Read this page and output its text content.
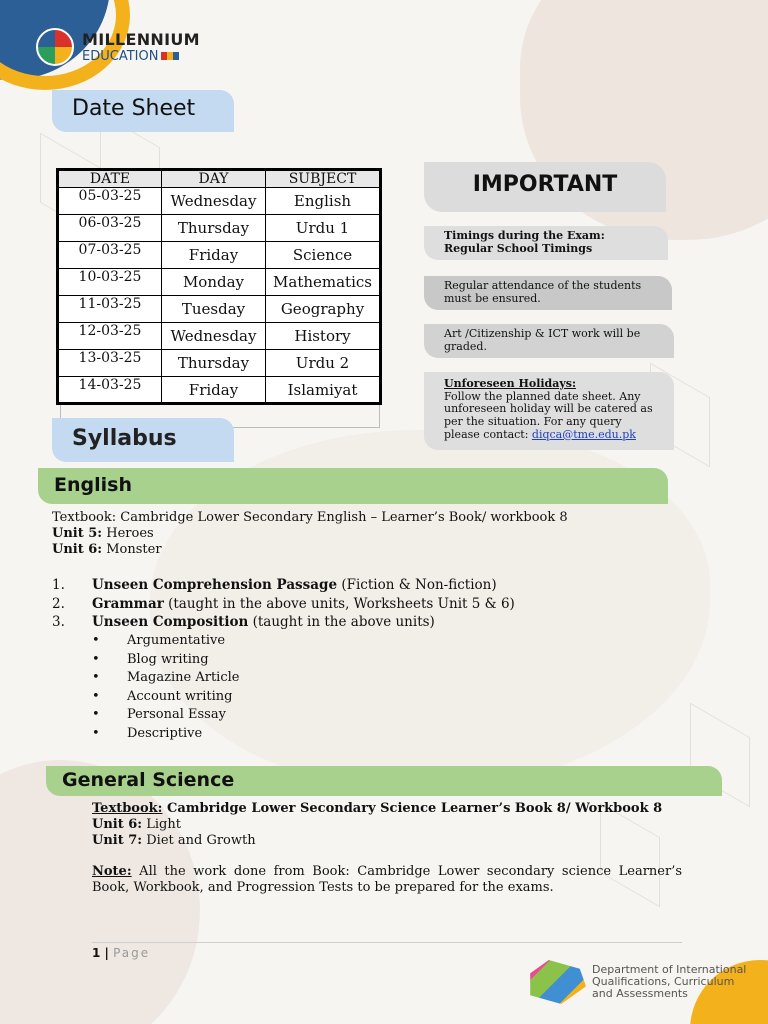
MILLENNIUM
EDUCATION
Date Sheet
DATE	DAY	SUBJECT
05-03-25	Wednesday	English
06-03-25	Thursday	Urdu 1
07-03-25	Friday	Science
10-03-25	Monday	Mathematics
11-03-25	Tuesday	Geography
12-03-25	Wednesday	History
13-03-25	Thursday	Urdu 2
14-03-25	Friday	Islamiyat
IMPORTANT
Timings during the Exam:
Regular School Timings
Regular attendance of the students must be ensured.
Art /Citizenship & ICT work will be graded.
Unforeseen Holidays:
Follow the planned date sheet. Any unforeseen holiday will be catered as per the situation. For any query please contact: diqca@tme.edu.pk
Syllabus
English
Textbook: Cambridge Lower Secondary English – Learner’s Book/ workbook 8
Unit 5: Heroes
Unit 6: Monster
1.	Unseen Comprehension Passage (Fiction & Non-fiction)
2.	Grammar (taught in the above units, Worksheets Unit 5 & 6)
3.	Unseen Composition (taught in the above units)
•	Argumentative
•	Blog writing
•	Magazine Article
•	Account writing
•	Personal Essay
•	Descriptive
General Science
Textbook: Cambridge Lower Secondary Science Learner’s Book 8/ Workbook 8
Unit 6: Light
Unit 7: Diet and Growth
Note: All the work done from Book: Cambridge Lower secondary science Learner’s Book, Workbook, and Progression Tests to be prepared for the exams.
1 | Page
Department of International
Qualifications, Curriculum
and Assessments
